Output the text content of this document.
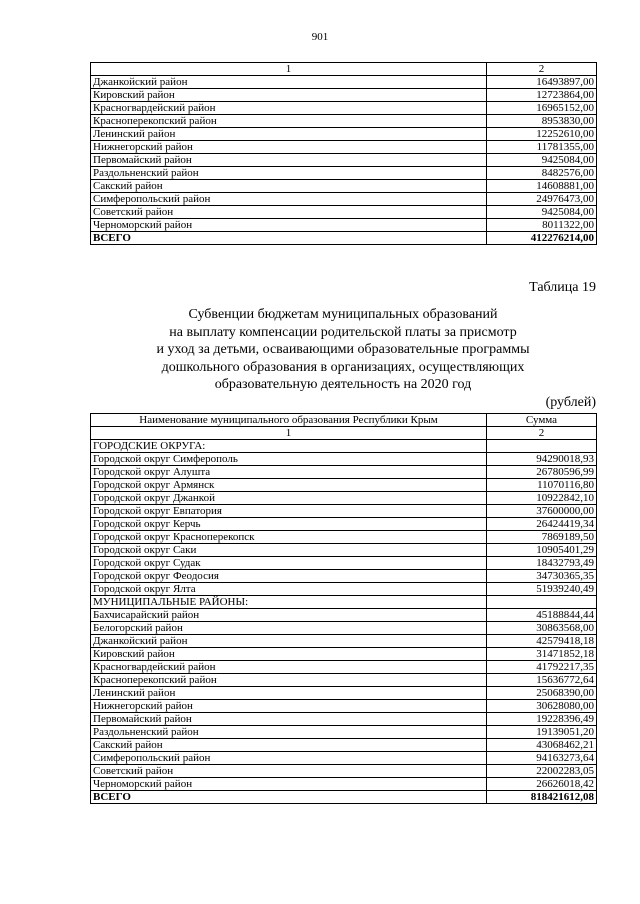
901
1	2
Джанкойский район	16493897,00
Кировский район	12723864,00
Красногвардейский район	16965152,00
Красноперекопский район	8953830,00
Ленинский район	12252610,00
Нижнегорский район	11781355,00
Первомайский район	9425084,00
Раздольненский район	8482576,00
Сакский район	14608881,00
Симферопольский район	24976473,00
Советский район	9425084,00
Черноморский район	8011322,00
ВСЕГО	412276214,00
Таблица 19
Субвенции бюджетам муниципальных образований
на выплату компенсации родительской платы за присмотр
и уход за детьми, осваивающими образовательные программы
дошкольного образования в организациях, осуществляющих
образовательную деятельность на 2020 год
(рублей)
Наименование муниципального образования Республики Крым	Сумма
1	2
ГОРОДСКИЕ ОКРУГА:	
Городской округ Симферополь	94290018,93
Городской округ Алушта	26780596,99
Городской округ Армянск	11070116,80
Городской округ Джанкой	10922842,10
Городской округ Евпатория	37600000,00
Городской округ Керчь	26424419,34
Городской округ Красноперекопск	7869189,50
Городской округ Саки	10905401,29
Городской округ Судак	18432793,49
Городской округ Феодосия	34730365,35
Городской округ Ялта	51939240,49
МУНИЦИПАЛЬНЫЕ РАЙОНЫ:	
Бахчисарайский район	45188844,44
Белогорский район	30863568,00
Джанкойский район	42579418,18
Кировский район	31471852,18
Красногвардейский район	41792217,35
Красноперекопский район	15636772,64
Ленинский район	25068390,00
Нижнегорский район	30628080,00
Первомайский район	19228396,49
Раздольненский район	19139051,20
Сакский район	43068462,21
Симферопольский район	94163273,64
Советский район	22002283,05
Черноморский район	26626018,42
ВСЕГО	818421612,08
